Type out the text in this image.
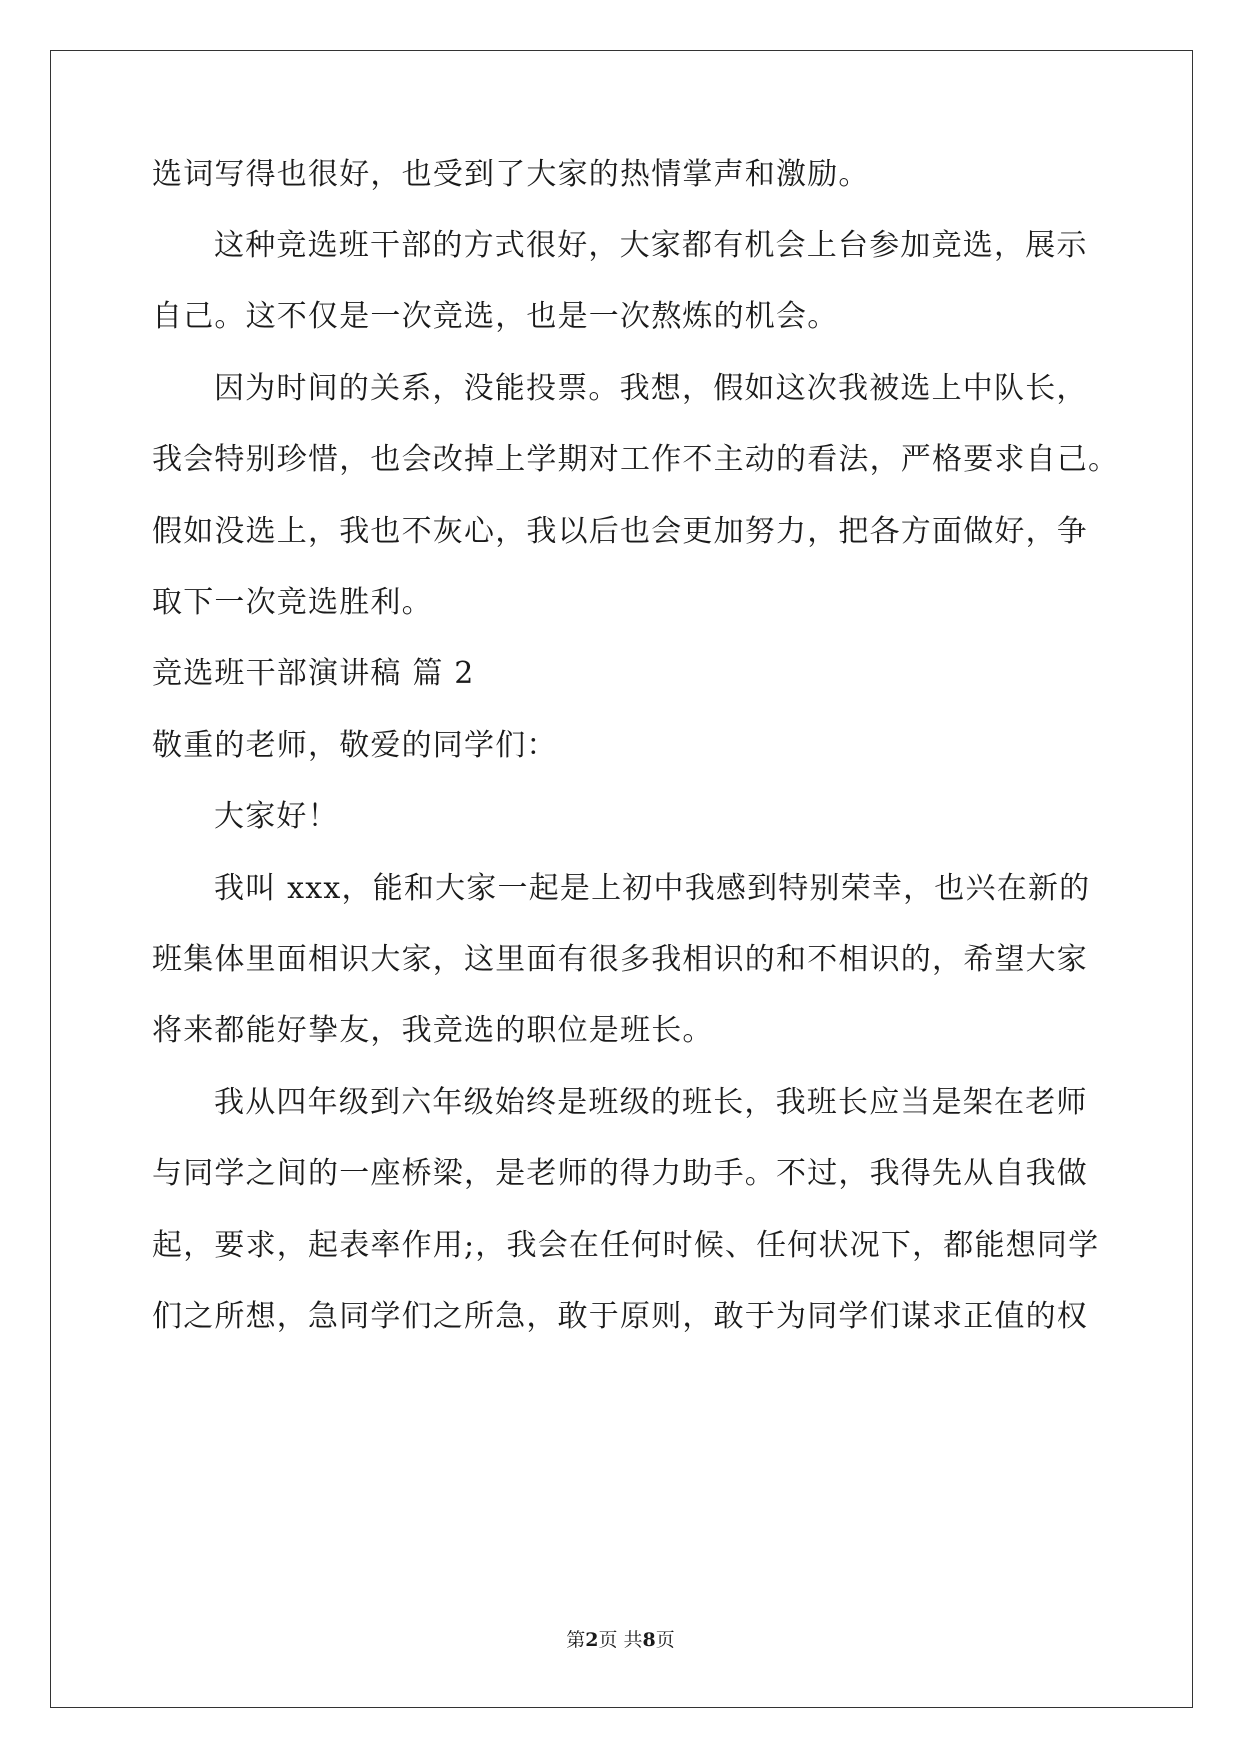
选词写得也很好，也受到了大家的热情掌声和激励。
这种竞选班干部的方式很好，大家都有机会上台参加竞选，展示
自己。这不仅是一次竞选，也是一次熬炼的机会。
因为时间的关系，没能投票。我想，假如这次我被选上中队长，
我会特别珍惜，也会改掉上学期对工作不主动的看法，严格要求自己。
假如没选上，我也不灰心，我以后也会更加努力，把各方面做好，争
取下一次竞选胜利。
竞选班干部演讲稿 篇 2
敬重的老师，敬爱的同学们：
大家好！
我叫 xxx，能和大家一起是上初中我感到特别荣幸，也兴在新的
班集体里面相识大家，这里面有很多我相识的和不相识的，希望大家
将来都能好挚友，我竞选的职位是班长。
我从四年级到六年级始终是班级的班长，我班长应当是架在老师
与同学之间的一座桥梁，是老师的得力助手。不过，我得先从自我做
起，要求，起表率作用;，我会在任何时候、任何状况下，都能想同学
们之所想，急同学们之所急，敢于原则，敢于为同学们谋求正值的权
第2页 共8页
